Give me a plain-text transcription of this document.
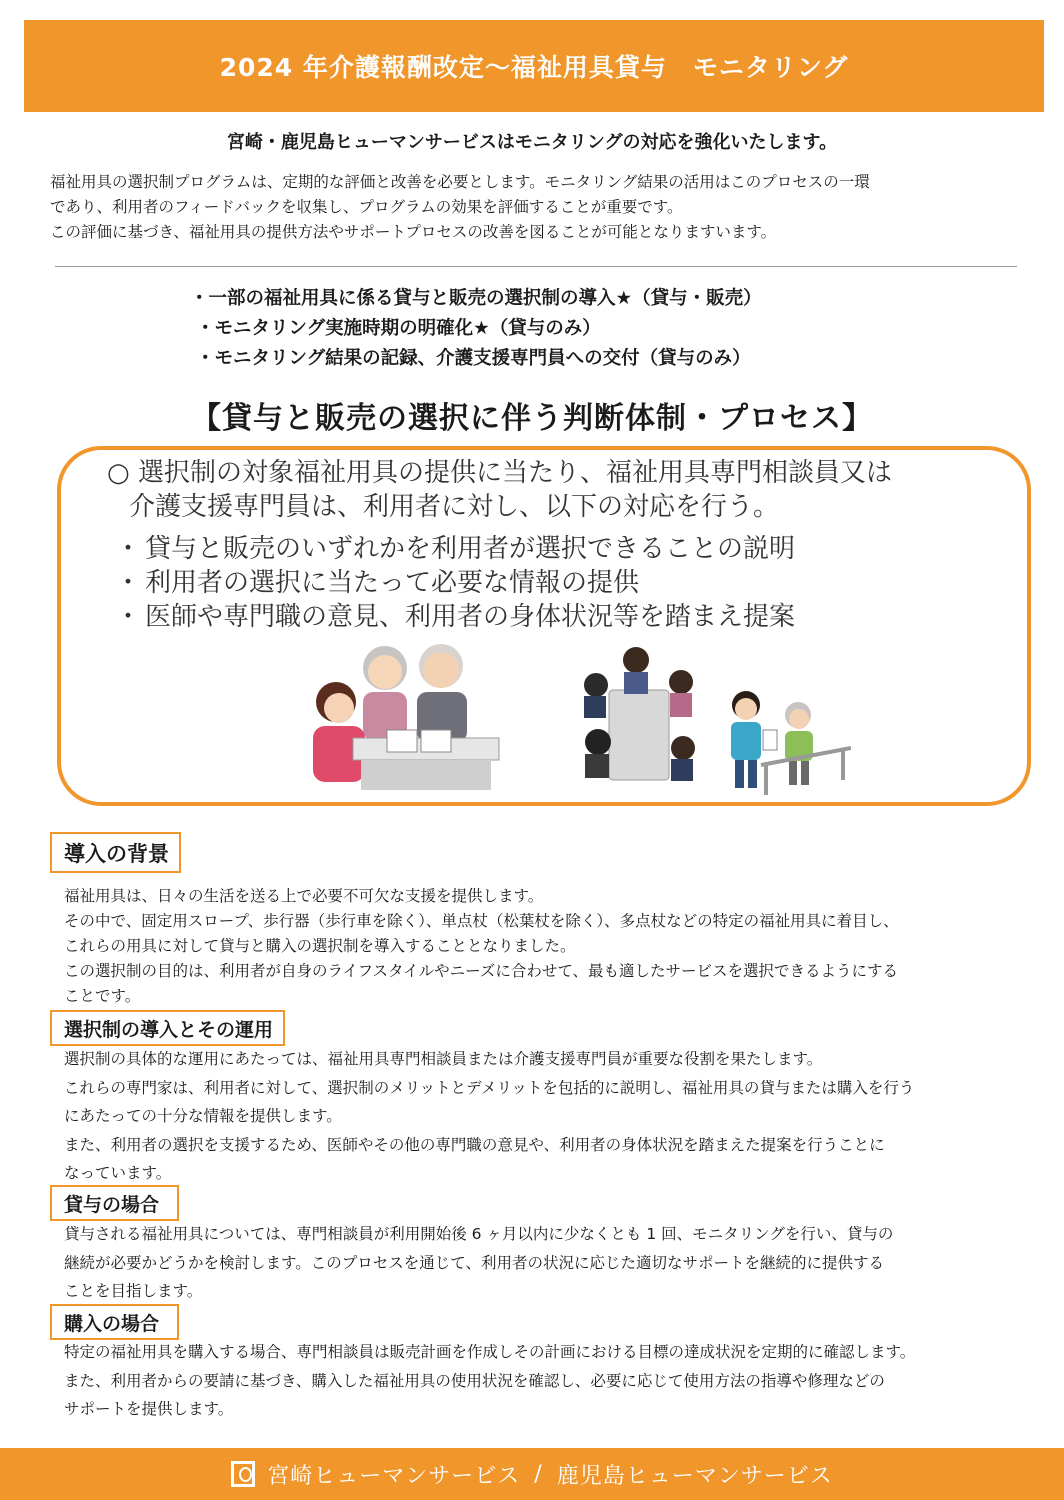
2024 年介護報酬改定～福祉用具貸与　モニタリング
宮崎・鹿児島ヒューマンサービスはモニタリングの対応を強化いたします。

福祉用具の選択制プログラムは、定期的な評価と改善を必要とします。モニタリング結果の活用はこのプロセスの一環

であり、利用者のフィードバックを収集し、プログラムの効果を評価することが重要です。

この評価に基づき、福祉用具の提供方法やサポートプロセスの改善を図ることが可能となりますいます。

・一部の福祉用具に係る貸与と販売の選択制の導入★（貸与・販売）
・モニタリング実施時期の明確化★（貸与のみ）
・モニタリング結果の記録、介護支援専門員への交付（貸与のみ）
【貸与と販売の選択に伴う判断体制・プロセス】
○ 選択制の対象福祉用具の提供に当たり、福祉用具専門相談員又は
介護支援専門員は、利用者に対し、以下の対応を行う。
・ 貸与と販売のいずれかを利用者が選択できることの説明
・ 利用者の選択に当たって必要な情報の提供
・ 医師や専門職の意見、利用者の身体状況等を踏まえ提案
導入の背景

福祉用具は、日々の生活を送る上で必要不可欠な支援を提供します。

その中で、固定用スロープ、歩行器（歩行車を除く）、単点杖（松葉杖を除く）、多点杖などの特定の福祉用具に着目し、

これらの用具に対して貸与と購入の選択制を導入することとなりました。

この選択制の目的は、利用者が自身のライフスタイルやニーズに合わせて、最も適したサービスを選択できるようにする

ことです。

選択制の導入とその運用

選択制の具体的な運用にあたっては、福祉用具専門相談員または介護支援専門員が重要な役割を果たします。

これらの専門家は、利用者に対して、選択制のメリットとデメリットを包括的に説明し、福祉用具の貸与または購入を行う

にあたっての十分な情報を提供します。

また、利用者の選択を支援するため、医師やその他の専門職の意見や、利用者の身体状況を踏まえた提案を行うことに

なっています。

貸与の場合

貸与される福祉用具については、専門相談員が利用開始後 6 ヶ月以内に少なくとも 1 回、モニタリングを行い、貸与の

継続が必要かどうかを検討します。このプロセスを通じて、利用者の状況に応じた適切なサポートを継続的に提供する

ことを目指します。

購入の場合

特定の福祉用具を購入する場合、専門相談員は販売計画を作成しその計画における目標の達成状況を定期的に確認します。

また、利用者からの要請に基づき、購入した福祉用具の使用状況を確認し、必要に応じて使用方法の指導や修理などの

サポートを提供します。

宮崎ヒューマンサービス / 鹿児島ヒューマンサービス
